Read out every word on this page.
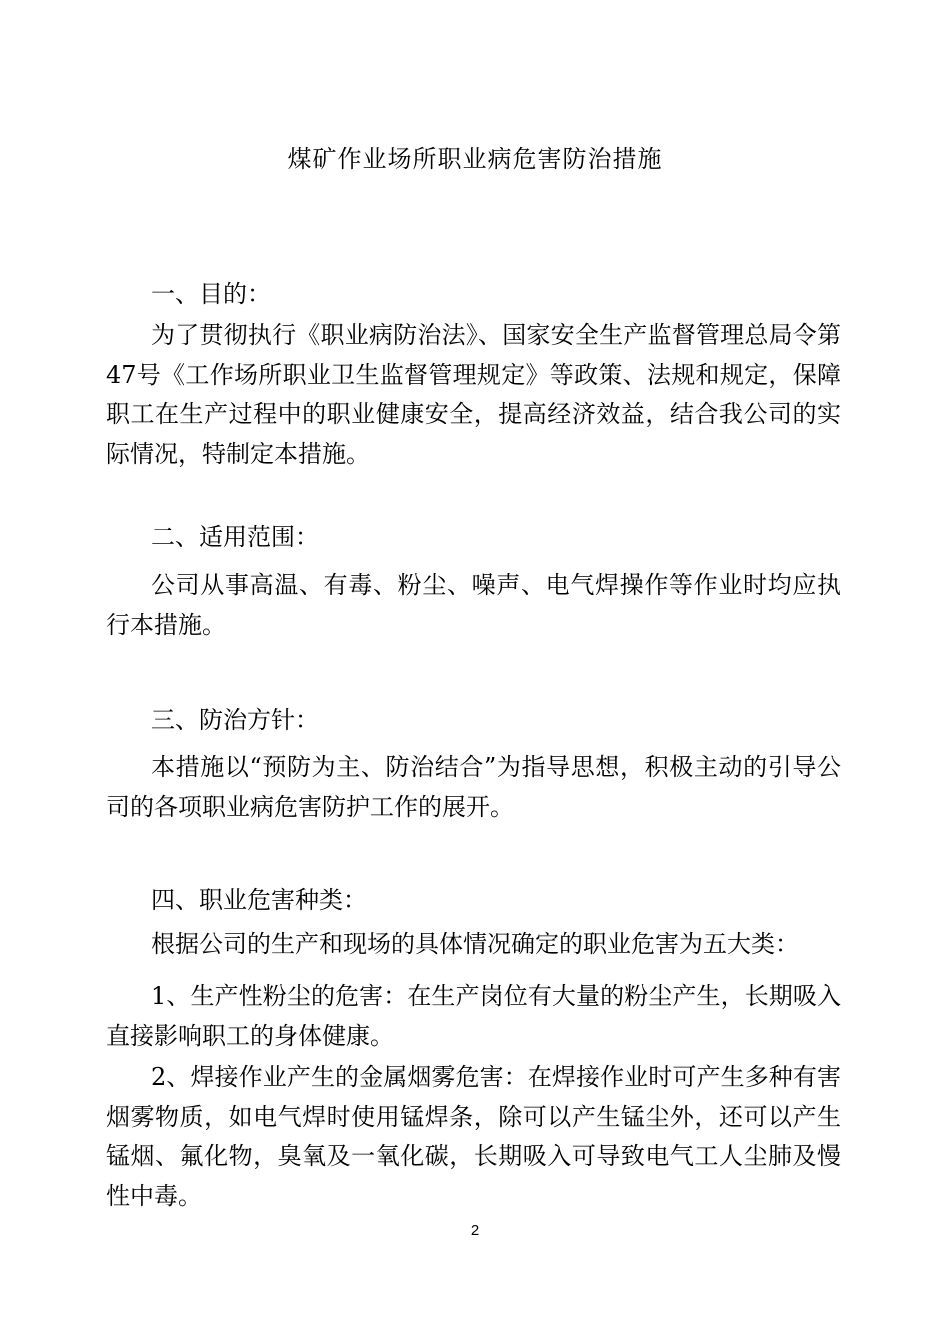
煤矿作业场所职业病危害防治措施
一、目的：
为了贯彻执行《职业病防治法》、国家安全生产监督管理总局令第47号《工作场所职业卫生监督管理规定》等政策、法规和规定，保障职工在生产过程中的职业健康安全，提高经济效益，结合我公司的实际情况，特制定本措施。
二、适用范围：
公司从事高温、有毒、粉尘、噪声、电气焊操作等作业时均应执行本措施。
三、防治方针：
本措施以“预防为主、防治结合”为指导思想，积极主动的引导公司的各项职业病危害防护工作的展开。
四、职业危害种类：
根据公司的生产和现场的具体情况确定的职业危害为五大类：
1、生产性粉尘的危害：在生产岗位有大量的粉尘产生，长期吸入直接影响职工的身体健康。
2、焊接作业产生的金属烟雾危害：在焊接作业时可产生多种有害烟雾物质，如电气焊时使用锰焊条，除可以产生锰尘外，还可以产生锰烟、氟化物，臭氧及一氧化碳，长期吸入可导致电气工人尘肺及慢性中毒。
2
